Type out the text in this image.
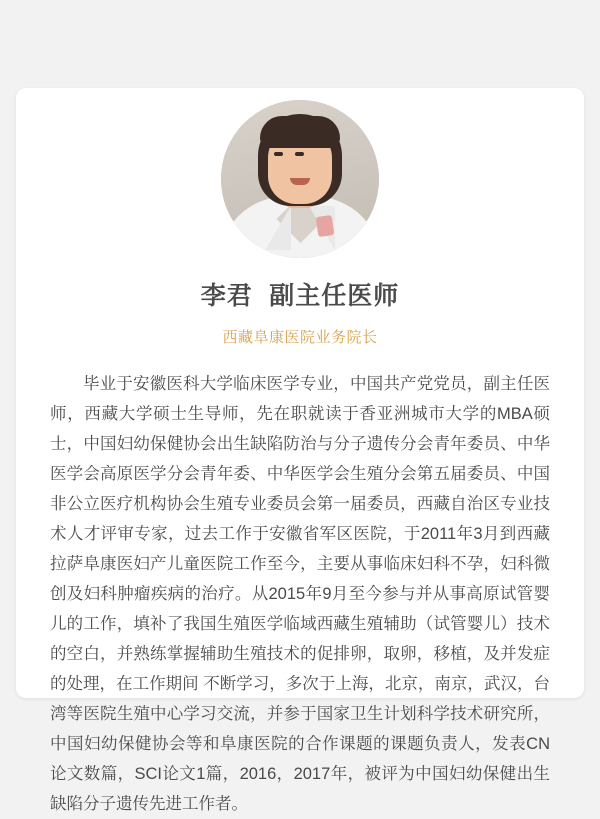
李君 副主任医师
西藏阜康医院业务院长
毕业于安徽医科大学临床医学专业，中国共产党党员，副主任医师，西藏大学硕士生导师，先在职就读于香亚洲城市大学的MBA硕士，中国妇幼保健协会出生缺陷防治与分子遗传分会青年委员、中华医学会高原医学分会青年委、中华医学会生殖分会第五届委员、中国非公立医疗机构协会生殖专业委员会第一届委员，西藏自治区专业技术人才评审专家，过去工作于安徽省军区医院，于2011年3月到西藏拉萨阜康医妇产儿童医院工作至今，主要从事临床妇科不孕，妇科微创及妇科肿瘤疾病的治疗。从2015年9月至今参与并从事高原试管婴儿的工作，填补了我国生殖医学临域西藏生殖辅助（试管婴儿）技术的空白，并熟练掌握辅助生殖技术的促排卵，取卵，移植，及并发症的处理，在工作期间 不断学习，多次于上海，北京，南京，武汉，台湾等医院生殖中心学习交流，并参于国家卫生计划科学技术研究所，中国妇幼保健协会等和阜康医院的合作课题的课题负责人，发表CN论文数篇，SCI论文1篇，2016，2017年，被评为中国妇幼保健出生缺陷分子遗传先进工作者。
